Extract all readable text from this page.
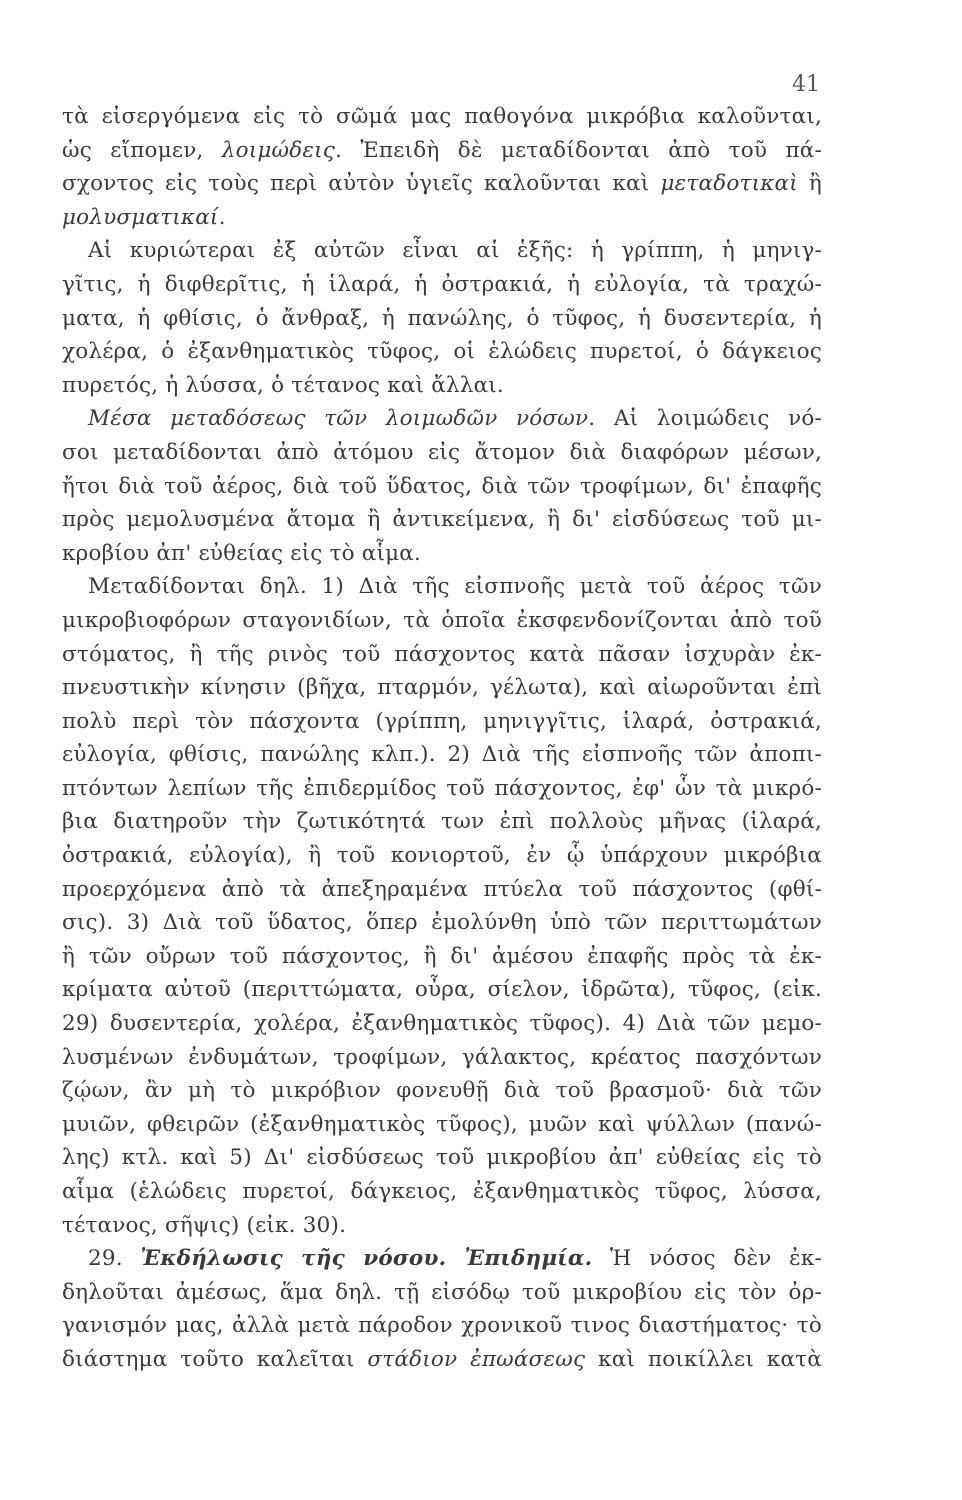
41
τὰ εἰσεργόμενα εἰς τὸ σῶμά μας παθογόνα μικρόβια καλοῦνται,
ὡς εἴπομεν, λοιμώδεις. Ἐπειδὴ δὲ μεταδίδονται ἀπὸ τοῦ πά-
σχοντος εἰς τοὺς περὶ αὐτὸν ὑγιεῖς καλοῦνται καὶ μεταδοτικαὶ ἢ
μολυσματικαί.
Αἱ κυριώτεραι ἐξ αὐτῶν εἶναι αἱ ἑξῆς: ἡ γρίππη, ἡ μηνιγ-
γῖτις, ἡ διφθερῖτις, ἡ ἱλαρά, ἡ ὀστρακιά, ἡ εὐλογία, τὰ τραχώ-
ματα, ἡ φθίσις, ὁ ἄνθραξ, ἡ πανώλης, ὁ τῦφος, ἡ δυσεντερία, ἡ
χολέρα, ὁ ἐξανθηματικὸς τῦφος, οἱ ἑλώδεις πυρετοί, ὁ δάγκειος
πυρετός, ἡ λύσσα, ὁ τέτανος καὶ ἄλλαι.
Μέσα μεταδόσεως τῶν λοιμωδῶν νόσων. Αἱ λοιμώδεις νό-
σοι μεταδίδονται ἀπὸ ἀτόμου εἰς ἄτομον διὰ διαφόρων μέσων,
ἤτοι διὰ τοῦ ἀέρος, διὰ τοῦ ὕδατος, διὰ τῶν τροφίμων, δι' ἐπαφῆς
πρὸς μεμολυσμένα ἄτομα ἢ ἀντικείμενα, ἢ δι' εἰσδύσεως τοῦ μι-
κροβίου ἀπ' εὐθείας εἰς τὸ αἷμα.
Μεταδίδονται δηλ. 1) Διὰ τῆς εἰσπνοῆς μετὰ τοῦ ἀέρος τῶν
μικροβιοφόρων σταγονιδίων, τὰ ὁποῖα ἐκσφενδονίζονται ἀπὸ τοῦ
στόματος, ἢ τῆς ρινὸς τοῦ πάσχοντος κατὰ πᾶσαν ἰσχυρὰν ἐκ-
πνευστικὴν κίνησιν (βῆχα, πταρμόν, γέλωτα), καὶ αἰωροῦνται ἐπὶ
πολὺ περὶ τὸν πάσχοντα (γρίππη, μηνιγγῖτις, ἱλαρά, ὀστρακιά,
εὐλογία, φθίσις, πανώλης κλπ.). 2) Διὰ τῆς εἰσπνοῆς τῶν ἀποπι-
πτόντων λεπίων τῆς ἐπιδερμίδος τοῦ πάσχοντος, ἐφ' ὧν τὰ μικρό-
βια διατηροῦν τὴν ζωτικότητά των ἐπὶ πολλοὺς μῆνας (ἱλαρά,
ὀστρακιά, εὐλογία), ἢ τοῦ κονιορτοῦ, ἐν ᾧ ὑπάρχουν μικρόβια
προερχόμενα ἀπὸ τὰ ἀπεξηραμένα πτύελα τοῦ πάσχοντος (φθί-
σις). 3) Διὰ τοῦ ὕδατος, ὅπερ ἐμολύνθη ὑπὸ τῶν περιττωμάτων
ἢ τῶν οὔρων τοῦ πάσχοντος, ἢ δι' ἀμέσου ἐπαφῆς πρὸς τὰ ἐκ-
κρίματα αὐτοῦ (περιττώματα, οὖρα, σίελον, ἱδρῶτα), τῦφος, (εἰκ.
29) δυσεντερία, χολέρα, ἐξανθηματικὸς τῦφος). 4) Διὰ τῶν μεμο-
λυσμένων ἐνδυμάτων, τροφίμων, γάλακτος, κρέατος πασχόντων
ζῴων, ἂν μὴ τὸ μικρόβιον φονευθῇ διὰ τοῦ βρασμοῦ· διὰ τῶν
μυιῶν, φθειρῶν (ἐξανθηματικὸς τῦφος), μυῶν καὶ ψύλλων (πανώ-
λης) κτλ. καὶ 5) Δι' εἰσδύσεως τοῦ μικροβίου ἀπ' εὐθείας εἰς τὸ
αἷμα (ἑλώδεις πυρετοί, δάγκειος, ἐξανθηματικὸς τῦφος, λύσσα,
τέτανος, σῆψις) (εἰκ. 30).
29. Ἐκδήλωσις τῆς νόσου. Ἐπιδημία. Ἡ νόσος δὲν ἐκ-
δηλοῦται ἀμέσως, ἅμα δηλ. τῇ εἰσόδῳ τοῦ μικροβίου εἰς τὸν ὀρ-
γανισμόν μας, ἀλλὰ μετὰ πάροδον χρονικοῦ τινος διαστήματος· τὸ
διάστημα τοῦτο καλεῖται στάδιον ἐπωάσεως καὶ ποικίλλει κατὰ
